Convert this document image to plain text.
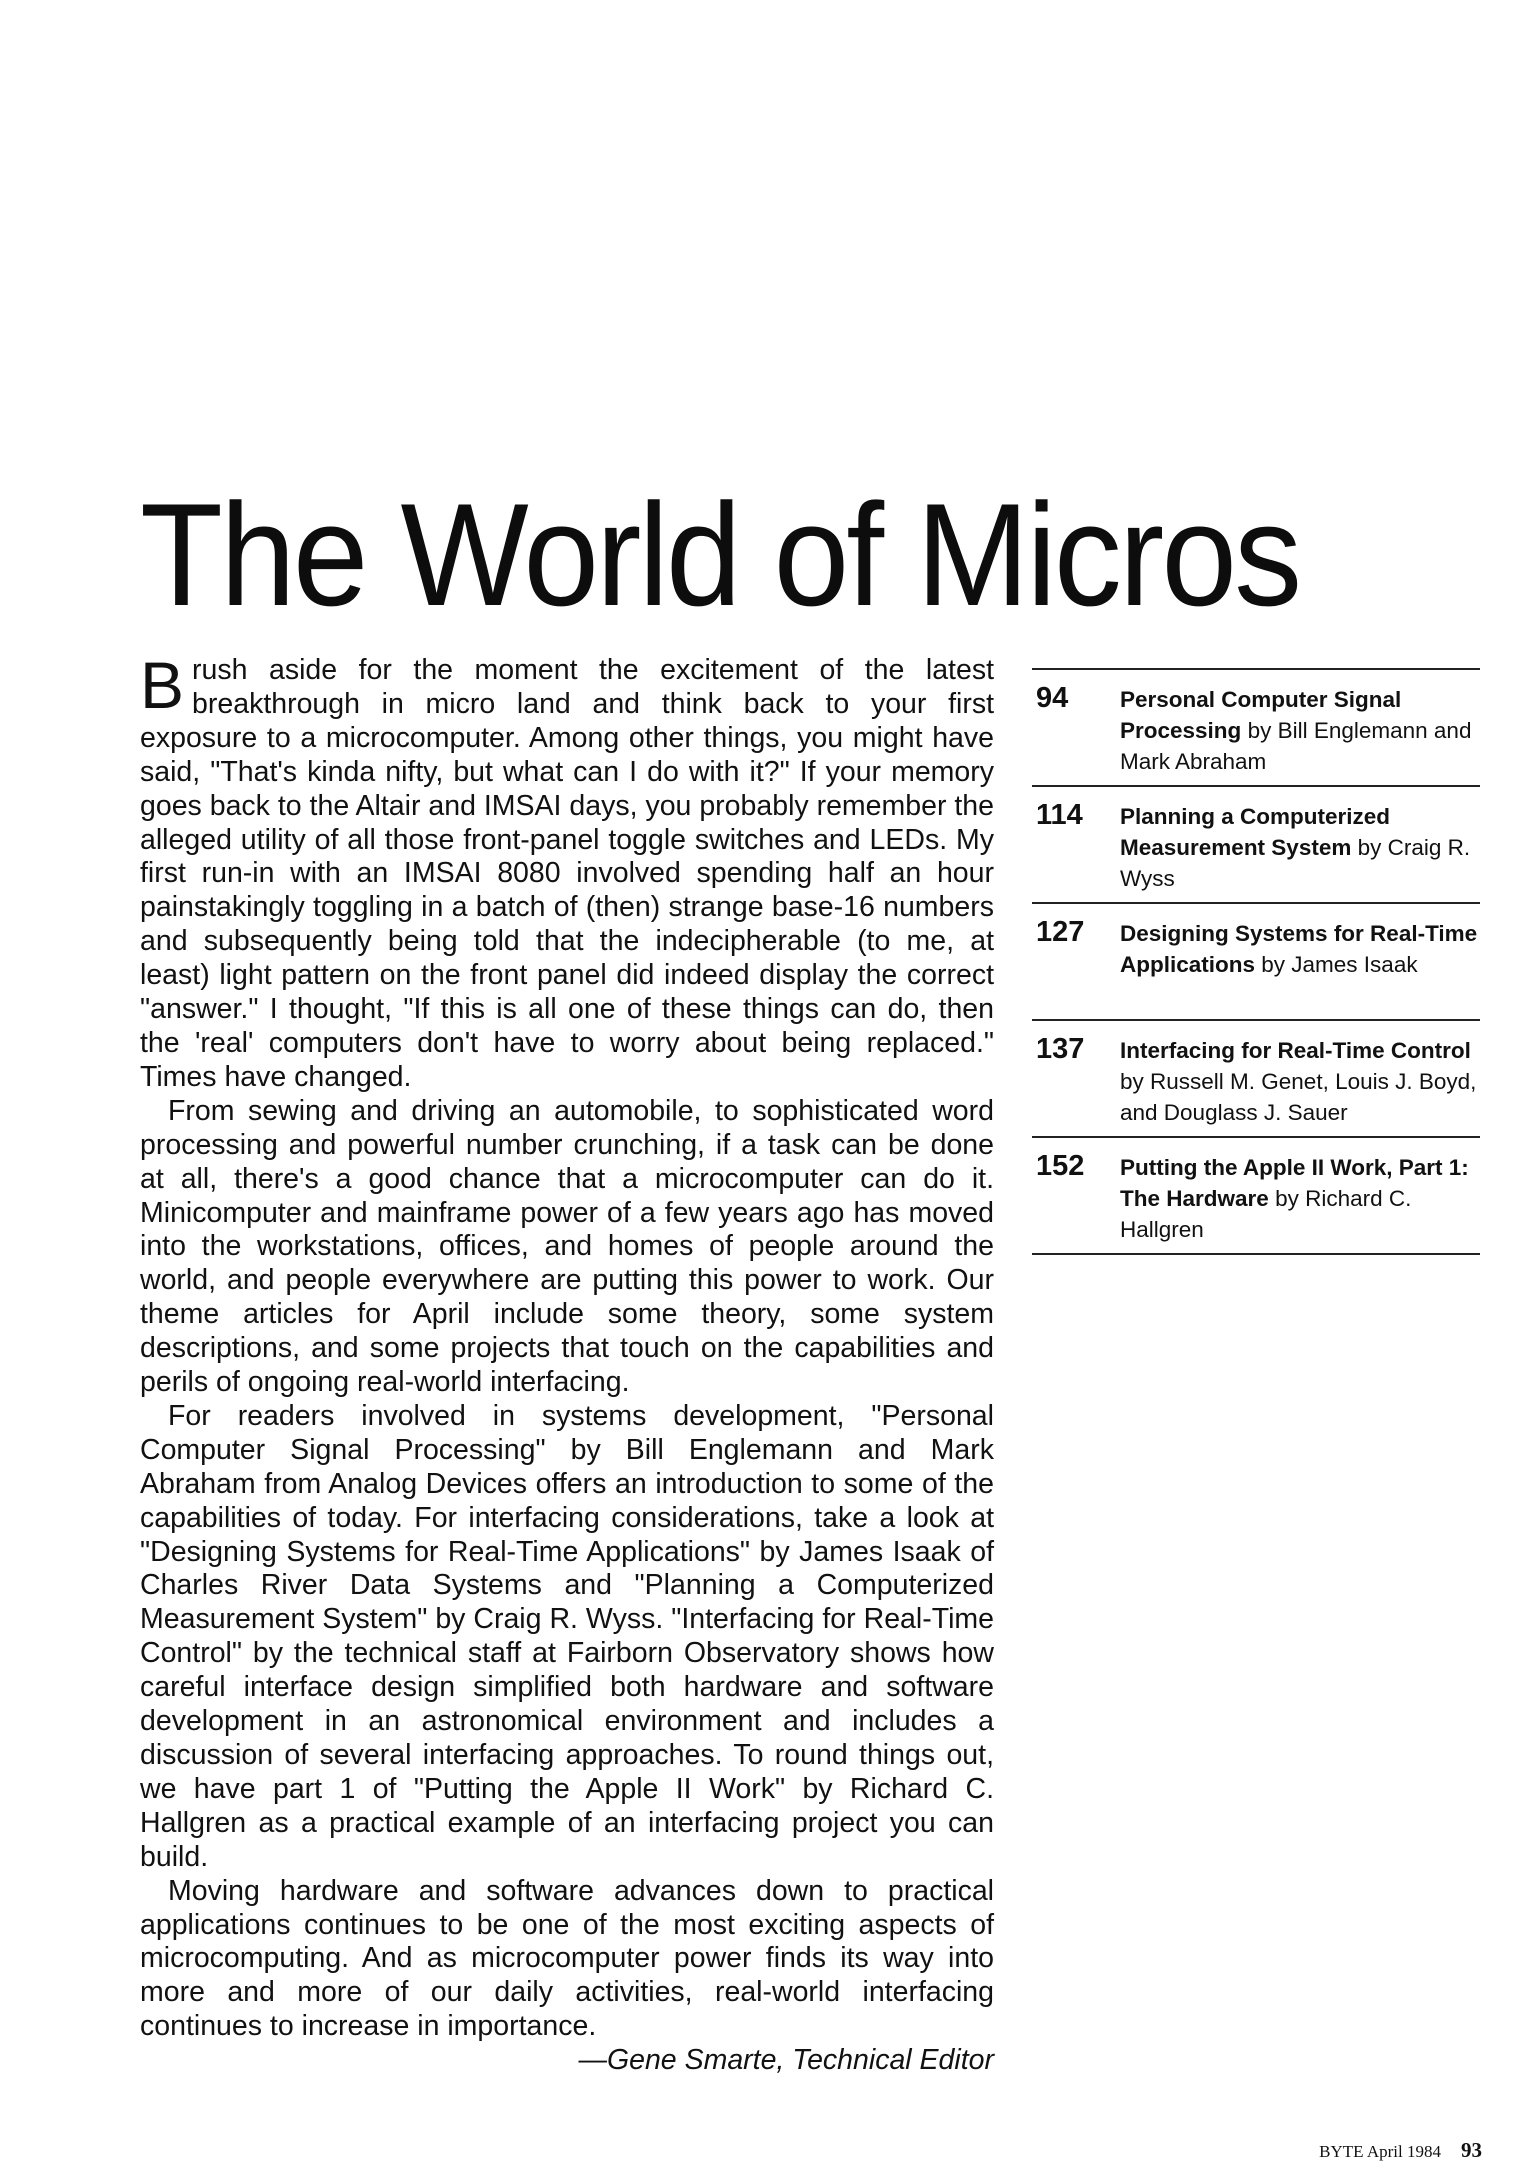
The World of Micros

Brush aside for the moment the excitement of the latest breakthrough in micro land and think back to your first exposure to a microcomputer. Among other things, you might have said, "That's kinda nifty, but what can I do with it?" If your memory goes back to the Altair and IMSAI days, you probably remember the alleged utility of all those front-panel toggle switches and LEDs. My first run-in with an IMSAI 8080 involved spending half an hour painstakingly toggling in a batch of (then) strange base-16 numbers and subsequently being told that the indecipherable (to me, at least) light pattern on the front panel did indeed display the correct "answer." I thought, "If this is all one of these things can do, then the 'real' computers don't have to worry about being replaced." Times have changed.

From sewing and driving an automobile, to sophisticated word processing and powerful number crunching, if a task can be done at all, there's a good chance that a microcomputer can do it. Minicomputer and mainframe power of a few years ago has moved into the workstations, offices, and homes of people around the world, and people everywhere are putting this power to work. Our theme articles for April include some theory, some system descriptions, and some projects that touch on the capabilities and perils of ongoing real-world interfacing.

For readers involved in systems development, "Personal Computer Signal Processing" by Bill Englemann and Mark Abraham from Analog Devices offers an introduction to some of the capabilities of today. For interfacing considerations, take a look at "Designing Systems for Real-Time Applications" by James Isaak of Charles River Data Systems and "Planning a Computerized Measurement System" by Craig R. Wyss. "Interfacing for Real-Time Control" by the technical staff at Fairborn Observatory shows how careful interface design simplified both hardware and software development in an astronomical environment and includes a discussion of several interfacing approaches. To round things out, we have part 1 of "Putting the Apple II Work" by Richard C. Hallgren as a practical example of an interfacing project you can build.

Moving hardware and software advances down to practical applications continues to be one of the most exciting aspects of microcomputing. And as microcomputer power finds its way into more and more of our daily activities, real-world interfacing continues to increase in importance.

—Gene Smarte, Technical Editor

94	Personal Computer Signal Processing by Bill Englemann and Mark Abraham
114	Planning a Computerized Measurement System by Craig R. Wyss
127	Designing Systems for Real-Time Applications by James Isaak
137	Interfacing for Real-Time Control by Russell M. Genet, Louis J. Boyd, and Douglass J. Sauer
152	Putting the Apple II Work, Part 1: The Hardware by Richard C. Hallgren
BYTE April 1984 93
